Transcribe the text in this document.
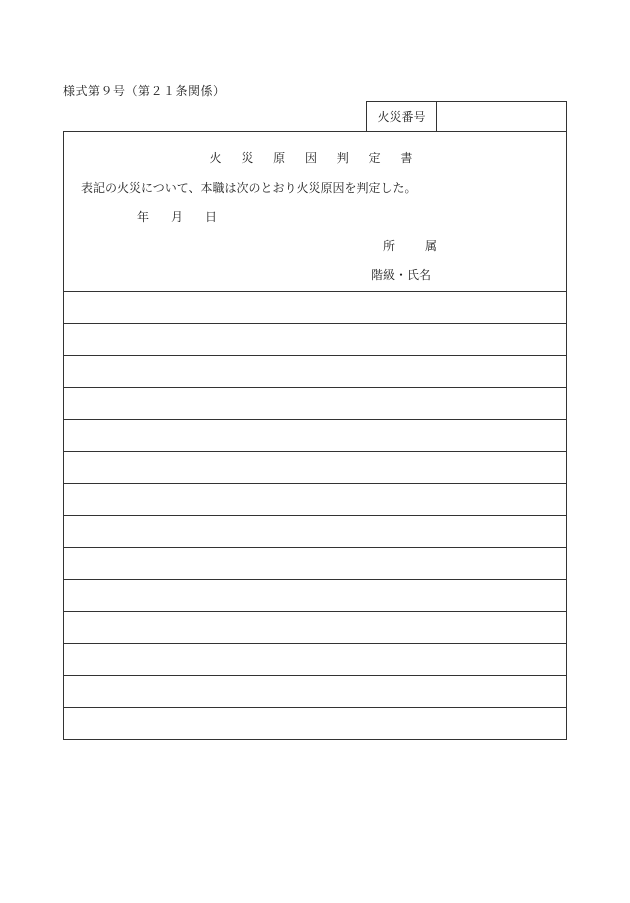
様式第９号（第２１条関係）
火災番号
火 災 原 因 判 定 書
表記の火災について、本職は次のとおり火災原因を判定した。
年 月 日
所	属
階級・氏名
